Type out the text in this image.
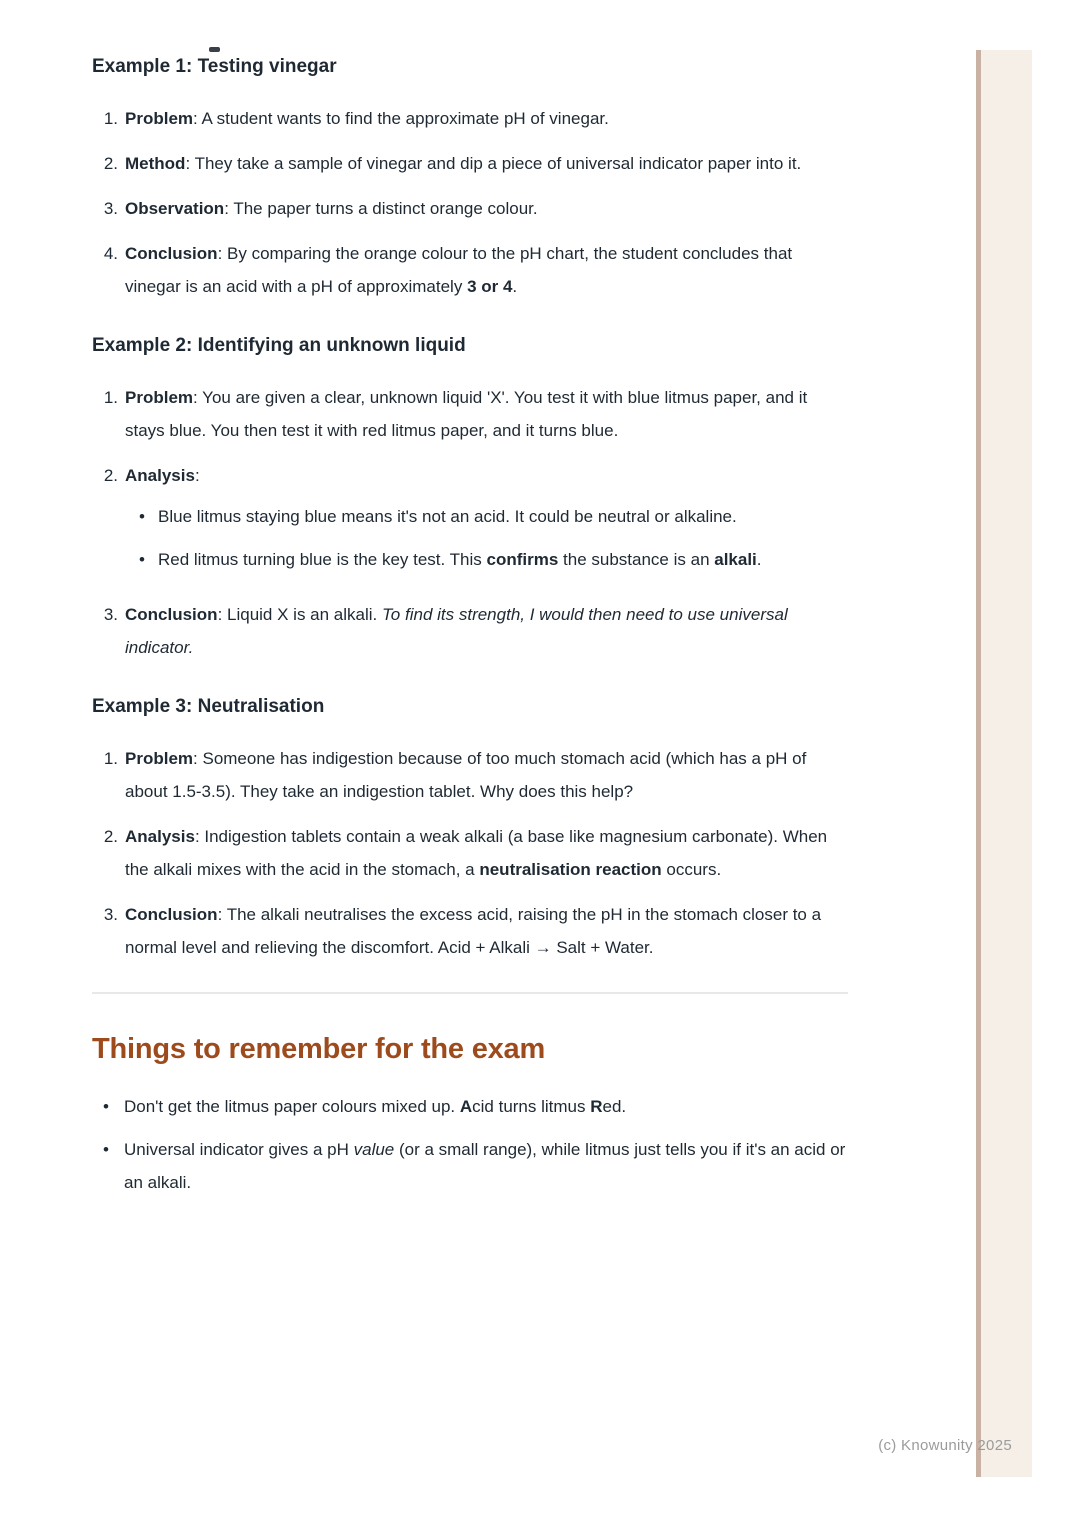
Example 1: Testing vinegar
1. Problem: A student wants to find the approximate pH of vinegar.
2. Method: They take a sample of vinegar and dip a piece of universal indicator paper into it.
3. Observation: The paper turns a distinct orange colour.
4. Conclusion: By comparing the orange colour to the pH chart, the student concludes that vinegar is an acid with a pH of approximately 3 or 4.
Example 2: Identifying an unknown liquid
1. Problem: You are given a clear, unknown liquid 'X'. You test it with blue litmus paper, and it stays blue. You then test it with red litmus paper, and it turns blue.
2. Analysis:
• Blue litmus staying blue means it's not an acid. It could be neutral or alkaline.
• Red litmus turning blue is the key test. This confirms the substance is an alkali.
3. Conclusion: Liquid X is an alkali. To find its strength, I would then need to use universal indicator.
Example 3: Neutralisation
1. Problem: Someone has indigestion because of too much stomach acid (which has a pH of about 1.5-3.5). They take an indigestion tablet. Why does this help?
2. Analysis: Indigestion tablets contain a weak alkali (a base like magnesium carbonate). When the alkali mixes with the acid in the stomach, a neutralisation reaction occurs.
3. Conclusion: The alkali neutralises the excess acid, raising the pH in the stomach closer to a normal level and relieving the discomfort. Acid + Alkali → Salt + Water.
Things to remember for the exam
• Don't get the litmus paper colours mixed up. Acid turns litmus Red.
• Universal indicator gives a pH value (or a small range), while litmus just tells you if it's an acid or an alkali.
(c) Knowunity 2025
